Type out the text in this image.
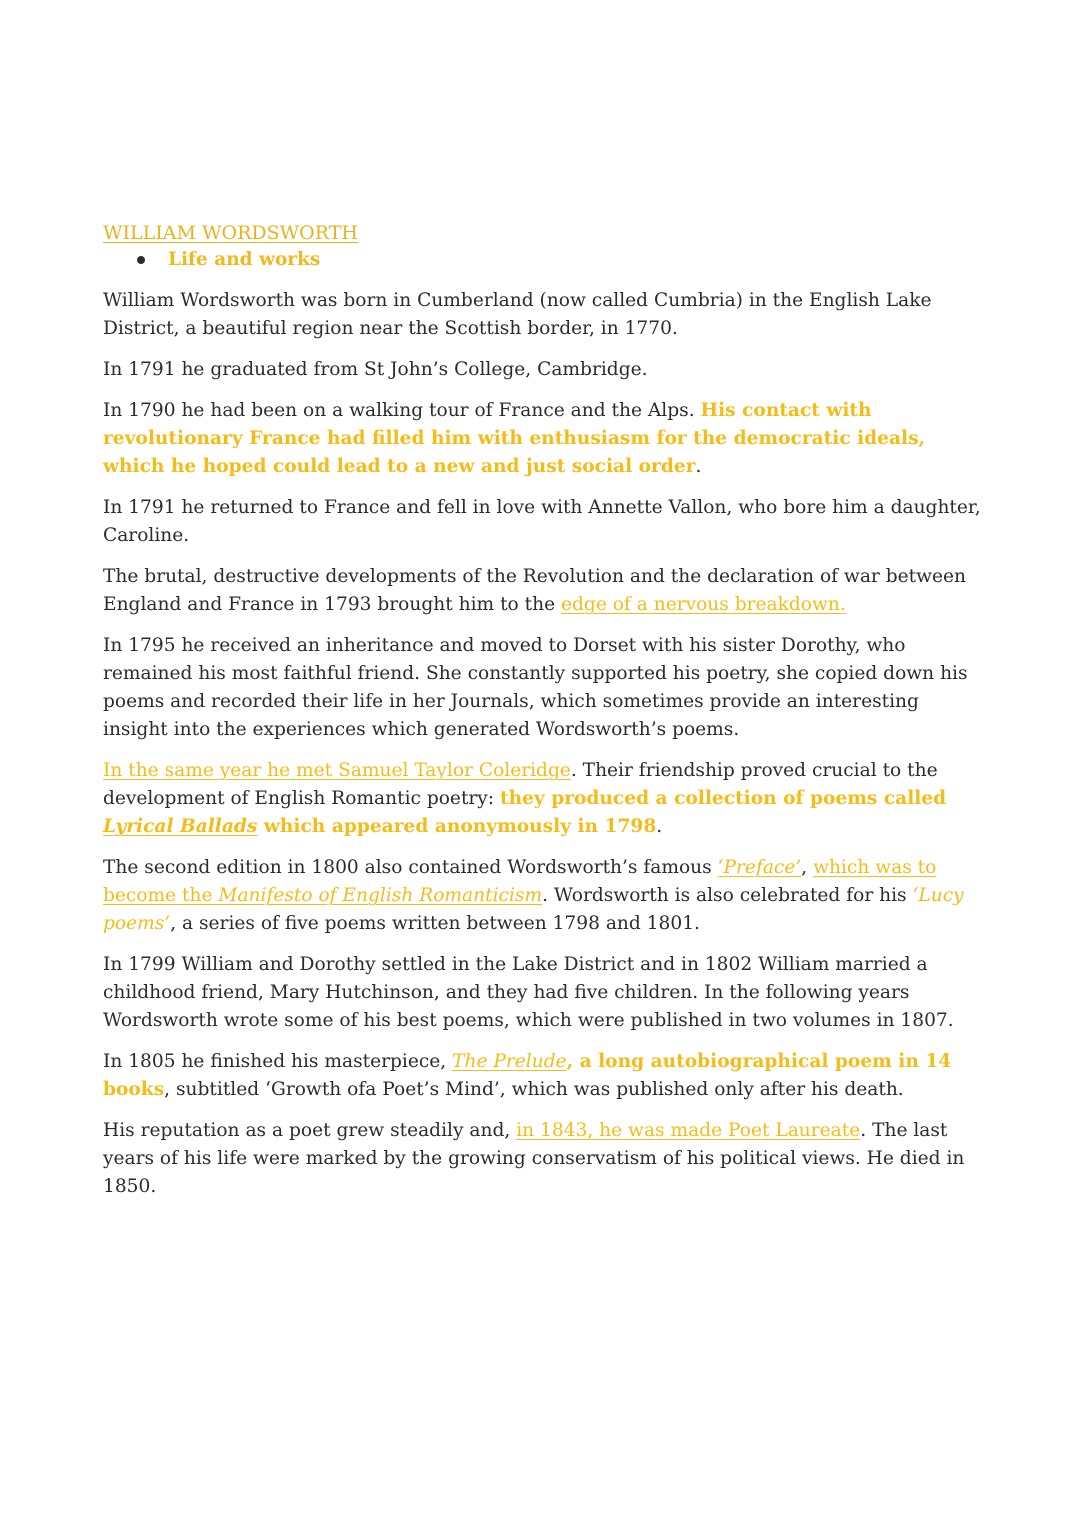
WILLIAM WORDSWORTH
Life and works

William Wordsworth was born in Cumberland (now called Cumbria) in the English Lake District, a beautiful region near the Scottish border, in 1770.

In 1791 he graduated from St John’s College, Cambridge.

In 1790 he had been on a walking tour of France and the Alps. His contact with revolutionary France had filled him with enthusiasm for the democratic ideals, which he hoped could lead to a new and just social order.

In 1791 he returned to France and fell in love with Annette Vallon, who bore him a daughter, Caroline.

The brutal, destructive developments of the Revolution and the declaration of war between England and France in 1793 brought him to the edge of a nervous breakdown.

In 1795 he received an inheritance and moved to Dorset with his sister Dorothy, who remained his most faithful friend. She constantly supported his poetry, she copied down his poems and recorded their life in her Journals, which sometimes provide an interesting insight into the experiences which generated Wordsworth’s poems.

In the same year he met Samuel Taylor Coleridge. Their friendship proved crucial to the development of English Romantic poetry: they produced a collection of poems called Lyrical Ballads which appeared anonymously in 1798.

The second edition in 1800 also contained Wordsworth’s famous ‘Preface’, which was to become the Manifesto of English Romanticism. Wordsworth is also celebrated for his ‘Lucy poems’, a series of five poems written between 1798 and 1801.

In 1799 William and Dorothy settled in the Lake District and in 1802 William married a childhood friend, Mary Hutchinson, and they had five children. In the following years Wordsworth wrote some of his best poems, which were published in two volumes in 1807.

In 1805 he finished his masterpiece, The Prelude, a long autobiographical poem in 14 books, subtitled ‘Growth ofa Poet’s Mind’, which was published only after his death.

His reputation as a poet grew steadily and, in 1843, he was made Poet Laureate. The last years of his life were marked by the growing conservatism of his political views. He died in 1850.
